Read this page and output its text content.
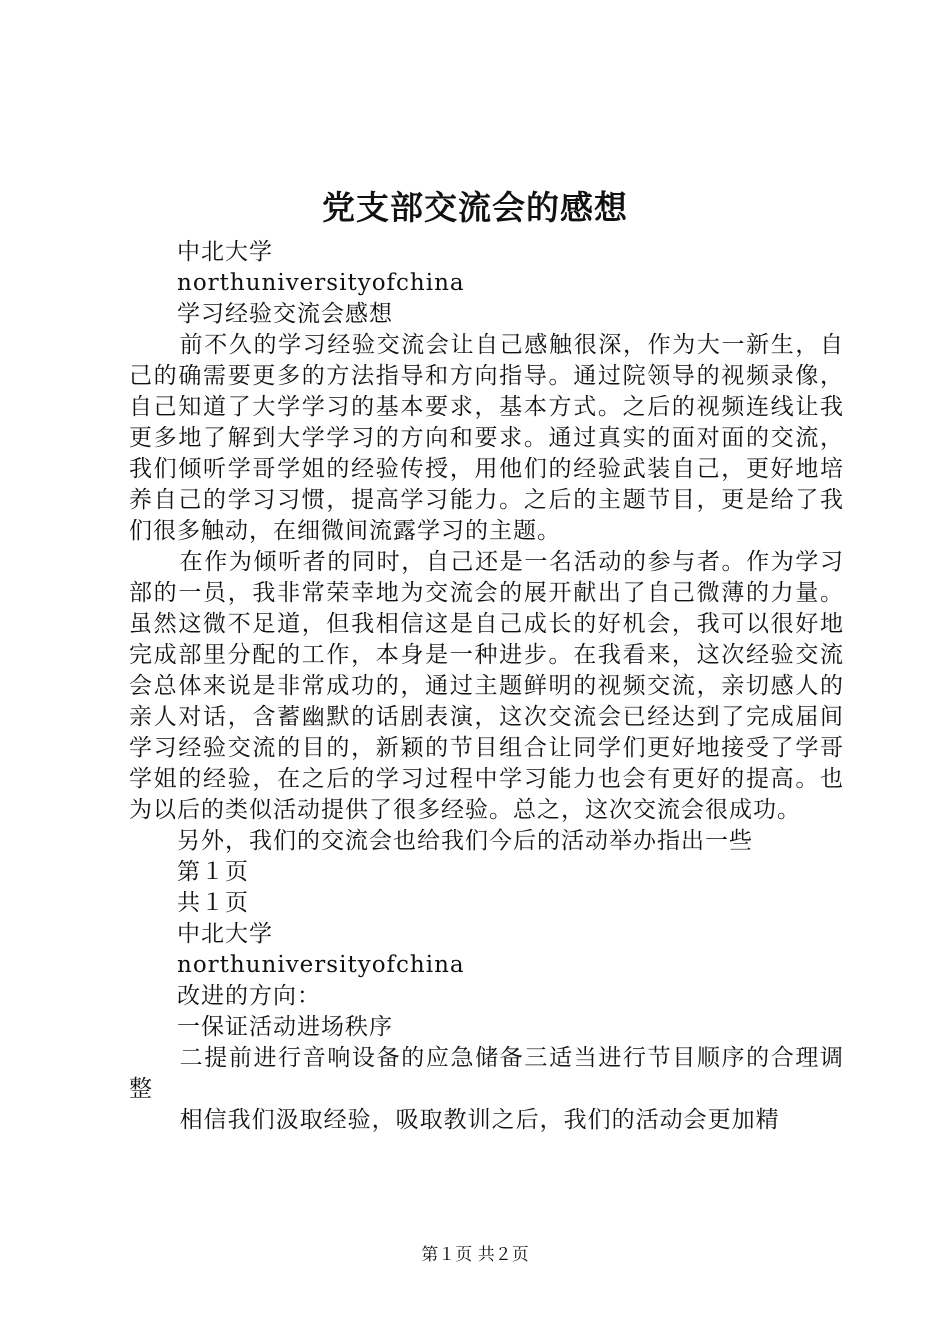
党支部交流会的感想

中北大学

northuniversityofchina

学习经验交流会感想

前不久的学习经验交流会让自己感触很深，作为大一新生，自己的确需要更多的方法指导和方向指导。通过院领导的视频录像，自己知道了大学学习的基本要求，基本方式。之后的视频连线让我更多地了解到大学学习的方向和要求。通过真实的面对面的交流，我们倾听学哥学姐的经验传授，用他们的经验武装自己，更好地培养自己的学习习惯，提高学习能力。之后的主题节目，更是给了我们很多触动，在细微间流露学习的主题。

在作为倾听者的同时，自己还是一名活动的参与者。作为学习部的一员，我非常荣幸地为交流会的展开献出了自己微薄的力量。虽然这微不足道，但我相信这是自己成长的好机会，我可以很好地完成部里分配的工作，本身是一种进步。在我看来，这次经验交流会总体来说是非常成功的，通过主题鲜明的视频交流，亲切感人的亲人对话，含蓄幽默的话剧表演，这次交流会已经达到了完成届间学习经验交流的目的，新颖的节目组合让同学们更好地接受了学哥学姐的经验，在之后的学习过程中学习能力也会有更好的提高。也为以后的类似活动提供了很多经验。总之，这次交流会很成功。

另外，我们的交流会也给我们今后的活动举办指出一些

第１页

共１页

中北大学

northuniversityofchina

改进的方向：

一保证活动进场秩序

二提前进行音响设备的应急储备三适当进行节目顺序的合理调整

相信我们汲取经验，吸取教训之后，我们的活动会更加精

第１页 共２页
